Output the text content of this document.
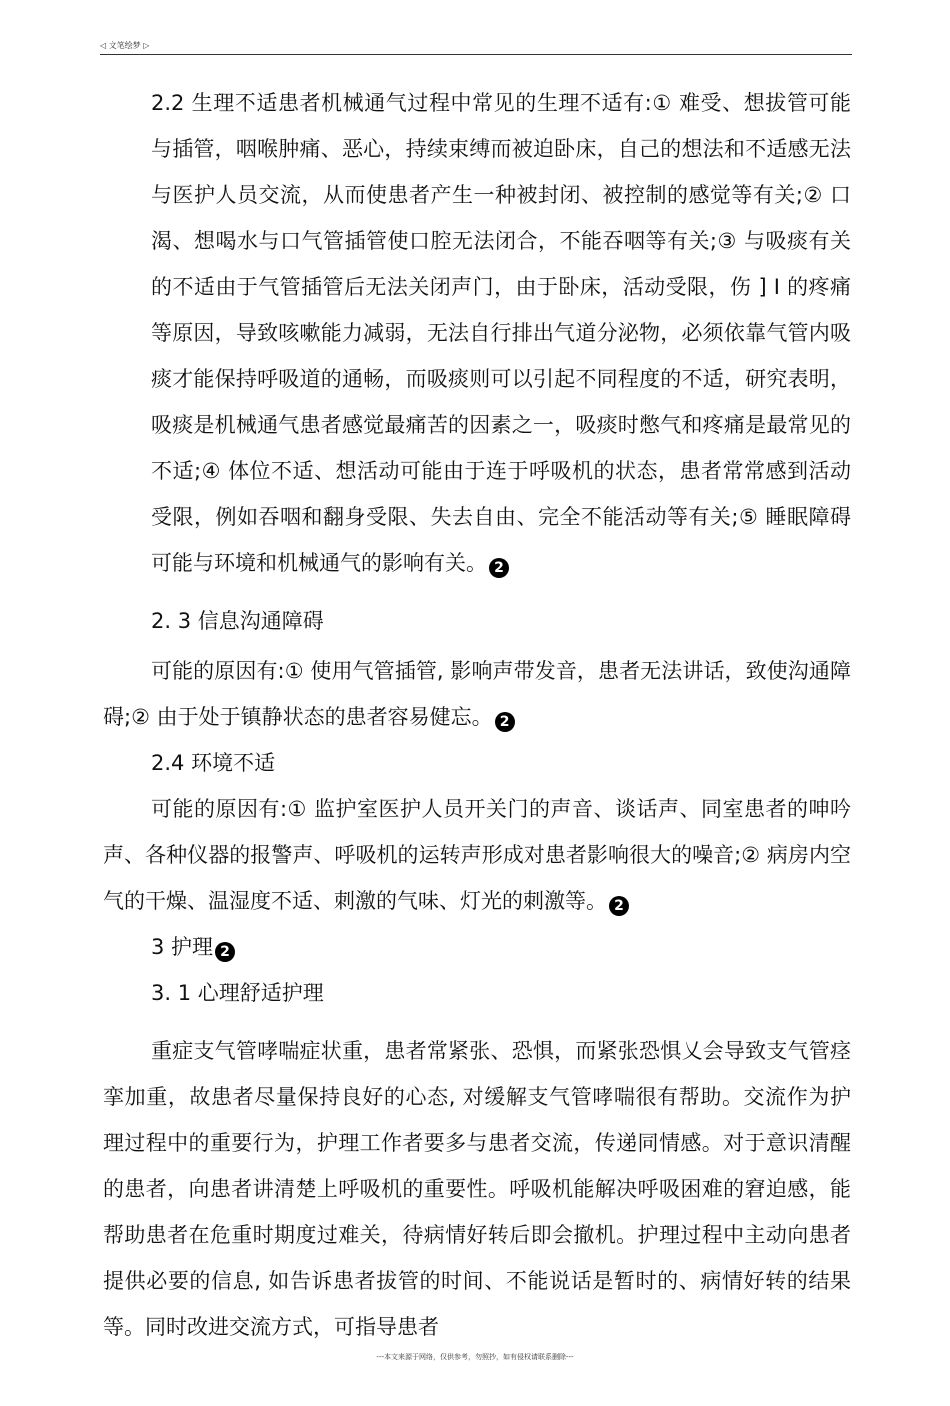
◁ 文笔绘梦 ▷

2.2 生理不适患者机械通气过程中常见的生理不适有:① 难受、想拔管可能与插管，咽喉肿痛、恶心，持续束缚而被迫卧床，自己的想法和不适感无法与医护人员交流，从而使患者产生一种被封闭、被控制的感觉等有关;② 口渴、想喝水与口气管插管使口腔无法闭合，不能吞咽等有关;③ 与吸痰有关的不适由于气管插管后无法关闭声门，由于卧床，活动受限，伤 ] I 的疼痛等原因，导致咳嗽能力减弱，无法自行排出气道分泌物，必须依靠气管内吸痰才能保持呼吸道的通畅，而吸痰则可以引起不同程度的不适，研究表明，吸痰是机械通气患者感觉最痛苦的因素之一，吸痰时憋气和疼痛是最常见的不适;④ 体位不适、想活动可能由于连于呼吸机的状态，患者常常感到活动受限，例如吞咽和翻身受限、失去自由、完全不能活动等有关;⑤ 睡眠障碍可能与环境和机械通气的影响有关。 2

2. 3 信息沟通障碍

可能的原因有:① 使用气管插管, 影响声带发音，患者无法讲话，致使沟通障碍;② 由于处于镇静状态的患者容易健忘。 2

2.4 环境不适

可能的原因有:① 监护室医护人员开关门的声音、谈话声、同室患者的呻吟声、各种仪器的报警声、呼吸机的运转声形成对患者影响很大的噪音;② 病房内空气的干燥、温湿度不适、刺激的气味、灯光的刺激等。 2

3 护理 2

3. 1 心理舒适护理

重症支气管哮喘症状重，患者常紧张、恐惧，而紧张恐惧乂会导致支气管痉挛加重，故患者尽量保持良好的心态, 对缓解支气管哮喘很有帮助。交流作为护理过程中的重要行为，护理工作者要多与患者交流，传递同情感。对于意识清醒的患者，向患者讲清楚上呼吸机的重要性。呼吸机能解决呼吸困难的窘迫感，能帮助患者在危重时期度过难关，待病情好转后即会撤机。护理过程中主动向患者提供必要的信息, 如告诉患者拔管的时间、不能说话是暂时的、病情好转的结果等。同时改进交流方式，可指导患者

---本文来源于网络，仅供参考，勿照抄，如有侵权请联系删除---
